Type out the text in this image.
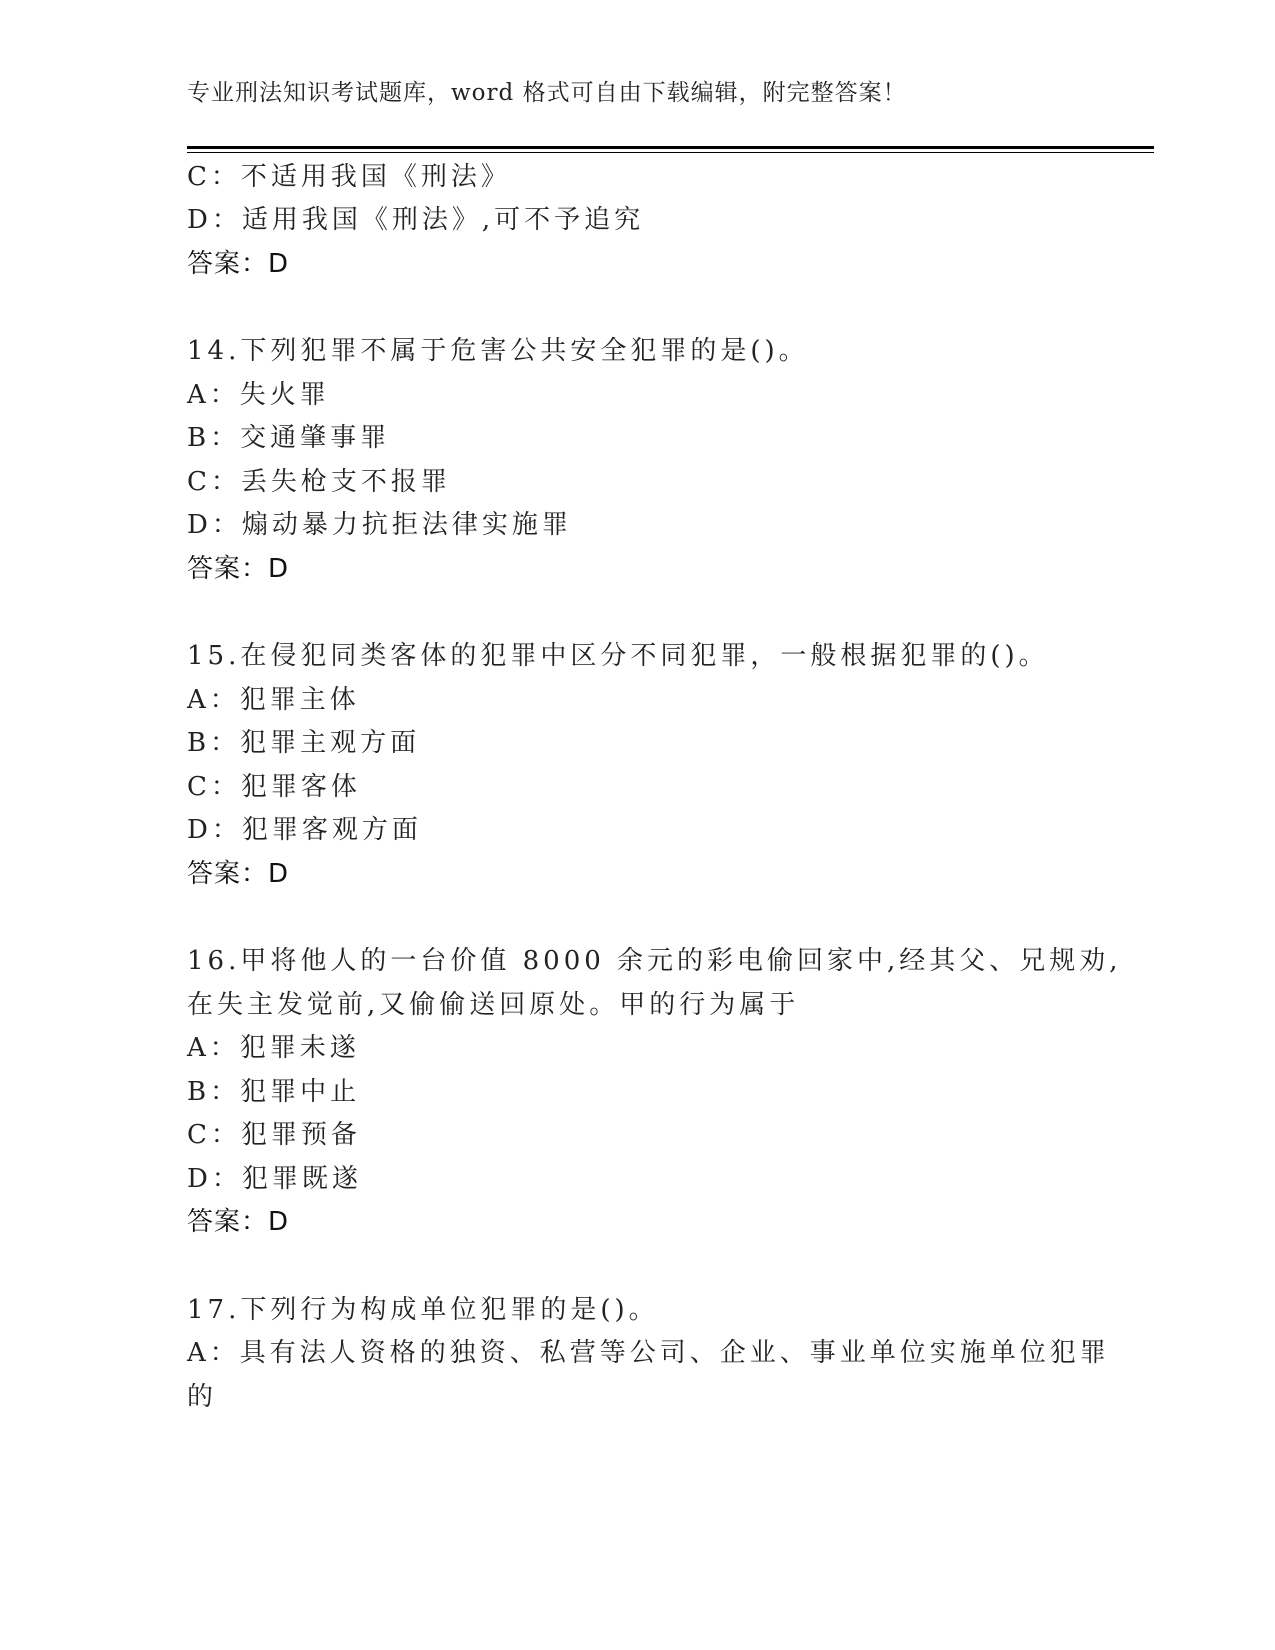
专业刑法知识考试题库，word 格式可自由下载编辑，附完整答案！
C：不适用我国《刑法》
D：适用我国《刑法》,可不予追究
答案：D
14.下列犯罪不属于危害公共安全犯罪的是()。
A：失火罪
B：交通肇事罪
C：丢失枪支不报罪
D：煽动暴力抗拒法律实施罪
答案：D
15.在侵犯同类客体的犯罪中区分不同犯罪，一般根据犯罪的()。
A：犯罪主体
B：犯罪主观方面
C：犯罪客体
D：犯罪客观方面
答案：D
16.甲将他人的一台价值 8000 余元的彩电偷回家中,经其父、兄规劝,
在失主发觉前,又偷偷送回原处。甲的行为属于
A：犯罪未遂
B：犯罪中止
C：犯罪预备
D：犯罪既遂
答案：D
17.下列行为构成单位犯罪的是()。
A：具有法人资格的独资、私营等公司、企业、事业单位实施单位犯罪
的
